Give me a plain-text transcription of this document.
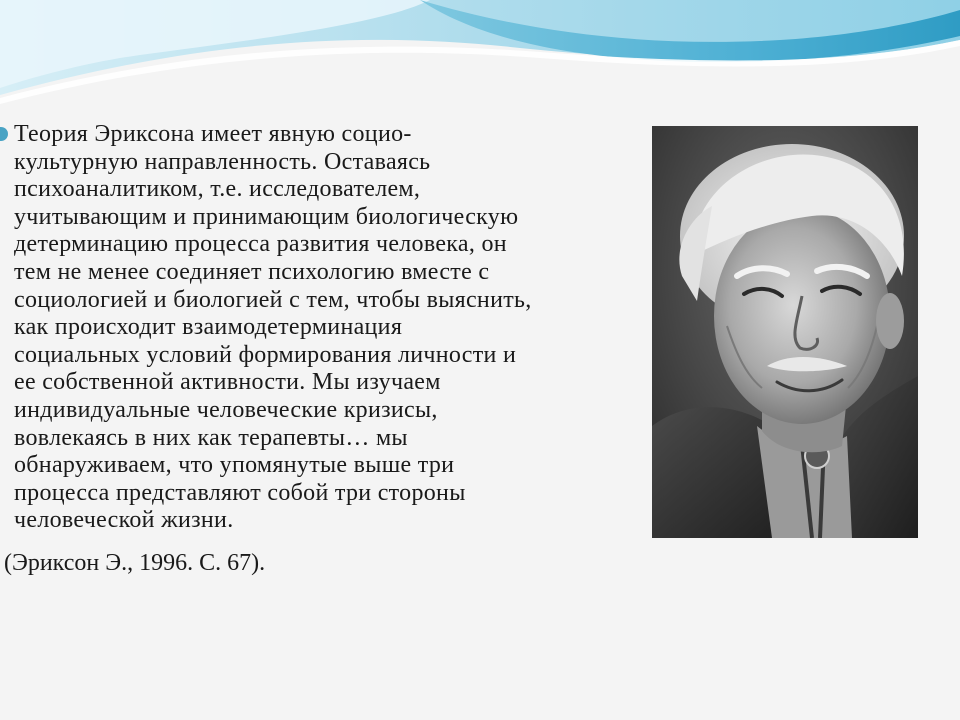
Теория Эриксона имеет явную социо-
культурную направленность. Оставаясь
психоаналитиком, т.е. исследователем,
учитывающим и принимающим биологическую
детерминацию процесса развития человека, он
тем не менее соединяет психологию вместе с
социологией и биологией с тем, чтобы выяснить,
как происходит взаимодетерминация
социальных условий формирования личности и
ее собственной активности. Мы изучаем
индивидуальные человеческие кризисы,
вовлекаясь в них как терапевты… мы
обнаруживаем, что упомянутые выше три
процесса представляют собой три стороны
человеческой жизни.
(Эриксон Э., 1996. С. 67).
